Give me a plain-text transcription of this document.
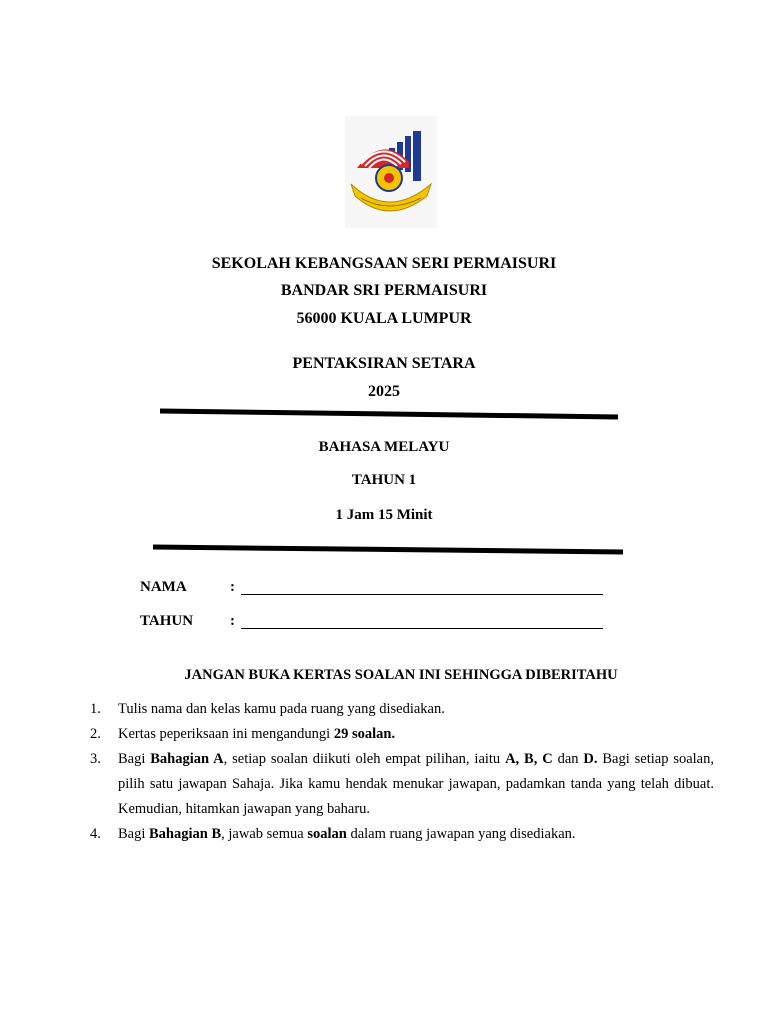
SEKOLAH KEBANGSAAN SERI PERMAISURI
BANDAR SRI PERMAISURI
56000 KUALA LUMPUR
PENTAKSIRAN SETARA
2025
BAHASA MELAYU
TAHUN 1
1 Jam 15 Minit
NAMA	:
TAHUN :
JANGAN BUKA KERTAS SOALAN INI SEHINGGA DIBERITAHU
1.	Tulis nama dan kelas kamu pada ruang yang disediakan.
2.	Kertas peperiksaan ini mengandungi 29 soalan.
3.	Bagi Bahagian A, setiap soalan diikuti oleh empat pilihan, iaitu A, B, C dan D. Bagi setiap soalan, pilih satu jawapan Sahaja. Jika kamu hendak menukar jawapan, padamkan tanda yang telah dibuat. Kemudian, hitamkan jawapan yang baharu.
4.	Bagi Bahagian B, jawab semua soalan dalam ruang jawapan yang disediakan.
